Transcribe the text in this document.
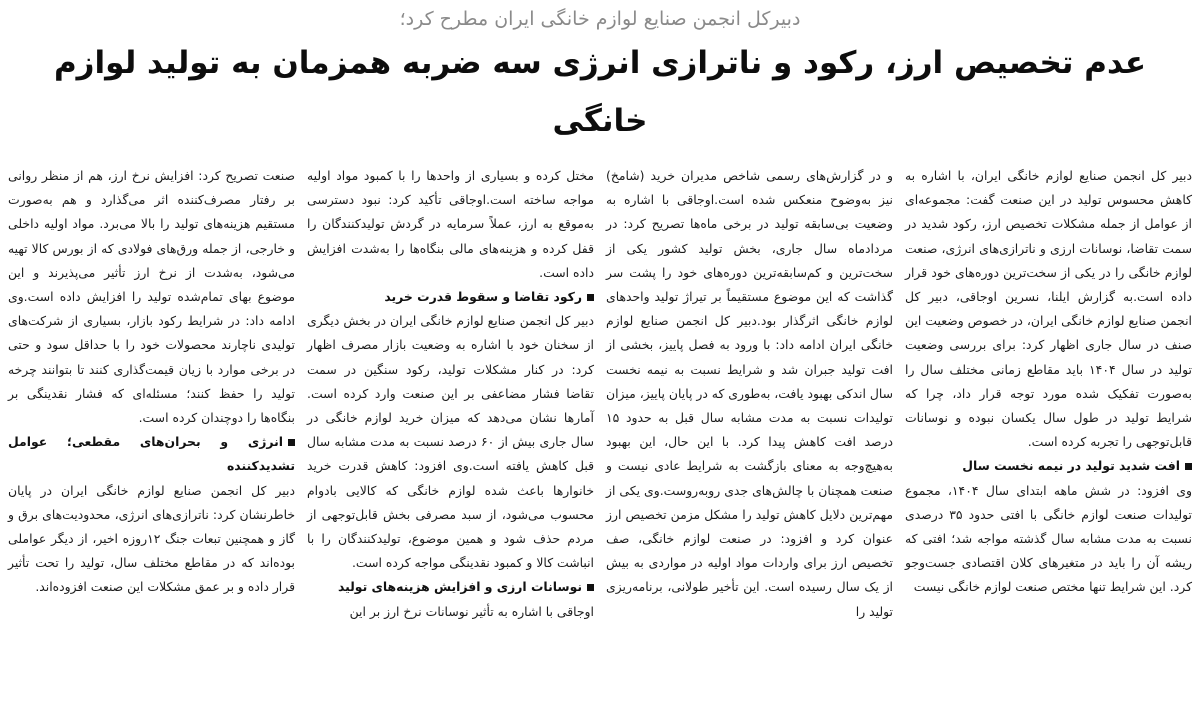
دبیرکل انجمن صنایع لوازم خانگی ایران مطرح کرد؛
عدم تخصیص ارز، رکود و ناترازی انرژی سه ضربه همزمان به تولید لوازم خانگی

دبیر کل انجمن صنایع لوازم خانگی ایران، با اشاره به کاهش محسوس تولید در این صنعت گفت: مجموعه‌ای از عوامل از جمله مشکلات تخصیص ارز، رکود شدید در سمت تقاضا، نوسانات ارزی و ناترازی‌های انرژی، صنعت لوازم خانگی را در یکی از سخت‌ترین دوره‌های خود قرار داده است.به گزارش ایلنا، نسرین اوجاقی، دبیر کل انجمن صنایع لوازم خانگی ایران، در خصوص وضعیت این صنف در سال جاری اظهار کرد: برای بررسی وضعیت تولید در سال ۱۴۰۴ باید مقاطع زمانی مختلف سال را به‌صورت تفکیک شده مورد توجه قرار داد، چرا که شرایط تولید در طول سال یکسان نبوده و نوسانات قابل‌توجهی را تجربه کرده است.

افت شدید تولید در نیمه نخست سال

وی افزود: در شش ماهه ابتدای سال ۱۴۰۴، مجموع تولیدات صنعت لوازم خانگی با افتی حدود ۳۵ درصدی نسبت به مدت مشابه سال گذشته مواجه شد؛ افتی که ریشه آن را باید در متغیرهای کلان اقتصادی جست‌وجو کرد. این شرایط تنها مختص صنعت لوازم خانگی نیست

و در گزارش‌های رسمی شاخص مدیران خرید (شامخ) نیز به‌وضوح منعکس شده است.اوجاقی با اشاره به وضعیت بی‌سابقه تولید در برخی ماه‌ها تصریح کرد: در مردادماه سال جاری، بخش تولید کشور یکی از سخت‌ترین و کم‌سابقه‌ترین دوره‌های خود را پشت سر گذاشت که این موضوع مستقیماً بر تیراژ تولید واحدهای لوازم خانگی اثرگذار بود.دبیر کل انجمن صنایع لوازم خانگی ایران ادامه داد: با ورود به فصل پاییز، بخشی از افت تولید جبران شد و شرایط نسبت به نیمه نخست سال اندکی بهبود یافت، به‌طوری که در پایان پاییز، میزان تولیدات نسبت به مدت مشابه سال قبل به حدود ۱۵ درصد افت کاهش پیدا کرد. با این حال، این بهبود به‌هیچ‌وجه به معنای بازگشت به شرایط عادی نیست و صنعت همچنان با چالش‌های جدی روبه‌روست.وی یکی از مهم‌ترین دلایل کاهش تولید را مشکل مزمن تخصیص ارز عنوان کرد و افزود: در صنعت لوازم خانگی، صف تخصیص ارز برای واردات مواد اولیه در مواردی به بیش از یک سال رسیده است. این تأخیر طولانی، برنامه‌ریزی تولید را

مختل کرده و بسیاری از واحدها را با کمبود مواد اولیه مواجه ساخته است.اوجاقی تأکید کرد: نبود دسترسی به‌موقع به ارز، عملاً سرمایه در گردش تولیدکنندگان را قفل کرده و هزینه‌های مالی بنگاه‌ها را به‌شدت افزایش داده است.

رکود تقاضا و سقوط قدرت خرید

دبیر کل انجمن صنایع لوازم خانگی ایران در بخش دیگری از سخنان خود با اشاره به وضعیت بازار مصرف اظهار کرد: در کنار مشکلات تولید، رکود سنگین در سمت تقاضا فشار مضاعفی بر این صنعت وارد کرده است. آمارها نشان می‌دهد که میزان خرید لوازم خانگی در سال جاری بیش از ۶۰ درصد نسبت به مدت مشابه سال قبل کاهش یافته است.وی افزود: کاهش قدرت خرید خانوارها باعث شده لوازم خانگی که کالایی بادوام محسوب می‌شود، از سبد مصرفی بخش قابل‌توجهی از مردم حذف شود و همین موضوع، تولیدکنندگان را با انباشت کالا و کمبود نقدینگی مواجه کرده است.

نوسانات ارزی و افزایش هزینه‌های تولید

اوجاقی با اشاره به تأثیر نوسانات نرخ ارز بر این

صنعت تصریح کرد: افزایش نرخ ارز، هم از منظر روانی بر رفتار مصرف‌کننده اثر می‌گذارد و هم به‌صورت مستقیم هزینه‌های تولید را بالا می‌برد. مواد اولیه داخلی و خارجی، از جمله ورق‌های فولادی که از بورس کالا تهیه می‌شود، به‌شدت از نرخ ارز تأثیر می‌پذیرند و این موضوع بهای تمام‌شده تولید را افزایش داده است.وی ادامه داد: در شرایط رکود بازار، بسیاری از شرکت‌های تولیدی ناچارند محصولات خود را با حداقل سود و حتی در برخی موارد با زیان قیمت‌گذاری کنند تا بتوانند چرخه تولید را حفظ کنند؛ مسئله‌ای که فشار نقدینگی بر بنگاه‌ها را دوچندان کرده است.

انرژی و بحران‌های مقطعی؛ عوامل تشدیدکننده

دبیر کل انجمن صنایع لوازم خانگی ایران در پایان خاطرنشان کرد: ناترازی‌های انرژی، محدودیت‌های برق و گاز و همچنین تبعات جنگ ۱۲روزه اخیر، از دیگر عواملی بوده‌اند که در مقاطع مختلف سال، تولید را تحت تأثیر قرار داده و بر عمق مشکلات این صنعت افزوده‌اند.
